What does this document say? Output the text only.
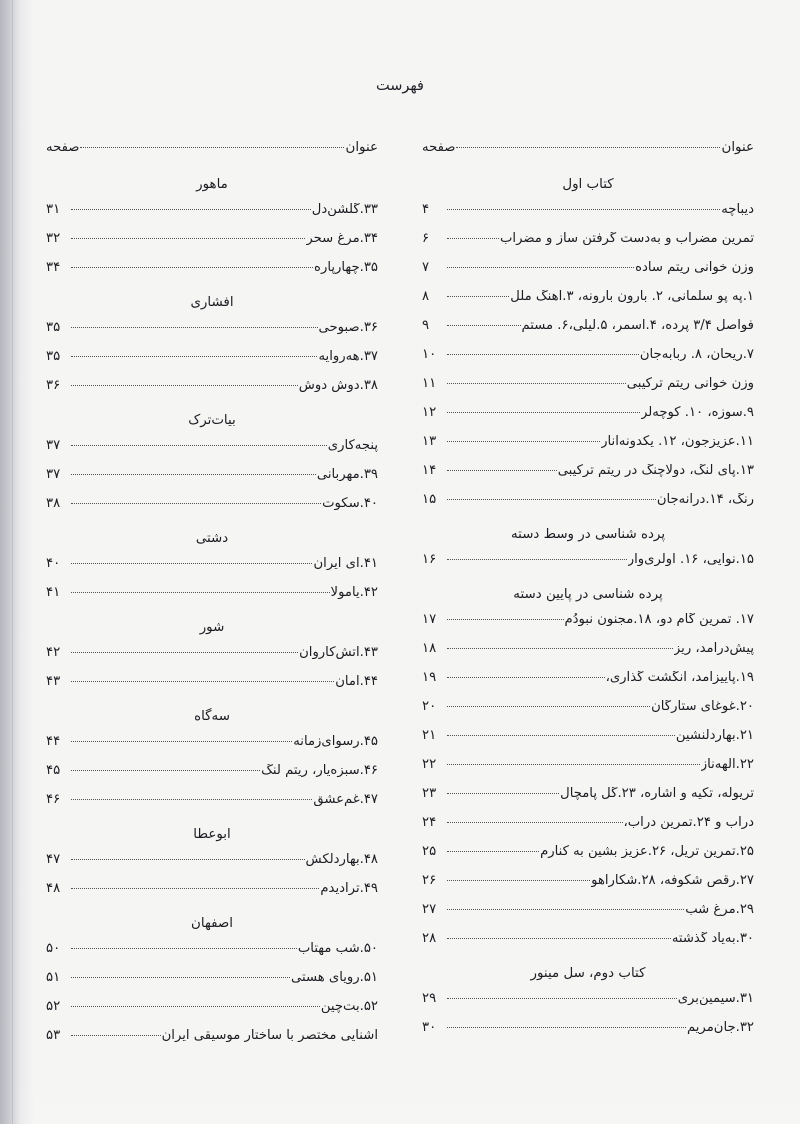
فهرست
عنوان
صفحه
کتاب اول
دیباچه
۴
تمرین مضراب و به‌دست گرفتن ساز و مضراب
۶
وزن خوانی ریتم ساده
۷
۱.په پو سلمانی، ۲. بارون بارونه، ۳.آهنگ ملل
۸
فواصل ۳/۴ پرده، ۴.اسمر، ۵.لیلی،۶. مستم
۹
۷.ریحان، ۸. ربابه‌جان
۱۰
وزن خوانی ریتم ترکیبی
۱۱
۹.سوزه، ۱۰. کوچه‌لر
۱۲
۱۱.عزیزجون، ۱۲. یکدونه‌انار
۱۳
۱۳.پای لنگ، دولاچنگ در ریتم ترکیبی
۱۴
رنگ، ۱۴.درانه‌جان
۱۵
پرده شناسی در وسط دسته
۱۵.نوایی، ۱۶. اولری‌وار
۱۶
پرده شناسی در پایین دسته
۱۷. تمرین گام دو، ۱۸.مجنون نبودُم
۱۷
پیش‌درآمد، ریز
۱۸
۱۹.پاییزآمد، انگشت گذاری،
۱۹
۲۰.غوغای ستارگان
۲۰
۲۱.بهاردلنشین
۲۱
۲۲.الهه‌ناز
۲۲
تریوله، تکیه و اشاره، ۲۳.گل پامچال
۲۳
درآب و ۲۴.تمرین درآب،
۲۴
۲۵.تمرین تریل، ۲۶.عزیز بشین به کنارم
۲۵
۲۷.رقص شکوفه، ۲۸.شکارآهو
۲۶
۲۹.مرغ شب
۲۷
۳۰.به‌یاد گذشته
۲۸
کتاب دوم، سل مینور
۳۱.سیمین‌بری
۲۹
۳۲.جان‌مریم
۳۰
عنوان
صفحه
ماهور
۳۳.گلشن‌دل
۳۱
۳۴.مرغ سحر
۳۲
۳۵.چهارپاره
۳۴
افشاری
۳۶.صبوحی
۳۵
۳۷.هه‌روایه
۳۵
۳۸.دوش دوش
۳۶
بیات‌ترک
پنجه‌کاری
۳۷
۳۹.مهربانی
۳۷
۴۰.سکوت
۳۸
دشتی
۴۱.ای ایران
۴۰
۴۲.یامولا
۴۱
شور
۴۳.آتش‌کاروان
۴۲
۴۴.آمان
۴۳
سه‌گاه
۴۵.رسوای‌زمانه
۴۴
۴۶.سبزه‌یار، ریتم لنگ
۴۵
۴۷.غم‌عشق
۴۶
ابوعطا
۴۸.بهاردلکش
۴۷
۴۹.ترادیدم
۴۸
اصفهان
۵۰.شب مهتاب
۵۰
۵۱.رویای هستی
۵۱
۵۲.بت‌چین
۵۲
آشنایی مختصر با ساختار موسیقی ایران
۵۳
